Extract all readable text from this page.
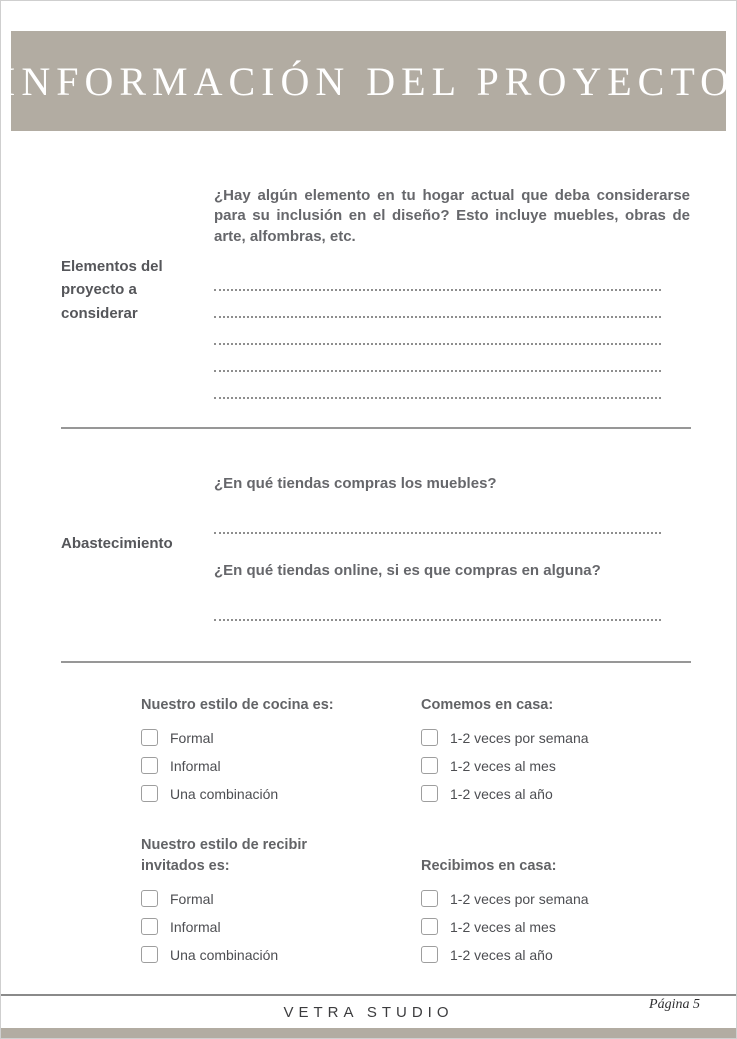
INFORMACIÓN DEL PROYECTO
Elementos del proyecto a considerar

¿Hay algún elemento en tu hogar actual que deba considerarse para su inclusión en el diseño? Esto incluye muebles, obras de arte, alfombras, etc.

Abastecimiento

¿En qué tiendas compras los muebles?

¿En qué tiendas online, si es que compras en alguna?

Nuestro estilo de cocina es:
Formal
Informal
Una combinación
Comemos en casa:
1-2 veces por semana
1-2 veces al mes
1-2 veces al año
Nuestro estilo de recibir invitados es:
Formal
Informal
Una combinación
Recibimos en casa:
1-2 veces por semana
1-2 veces al mes
1-2 veces al año
VETRA STUDIO	Página 5
